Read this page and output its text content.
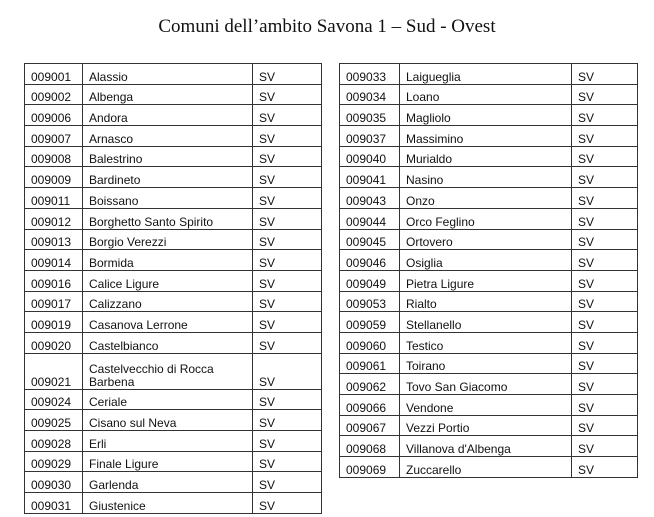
Comuni dell’ambito Savona 1 – Sud - Ovest
009001	Alassio	SV
009002	Albenga	SV
009006	Andora	SV
009007	Arnasco	SV
009008	Balestrino	SV
009009	Bardineto	SV
009011	Boissano	SV
009012	Borghetto Santo Spirito	SV
009013	Borgio Verezzi	SV
009014	Bormida	SV
009016	Calice Ligure	SV
009017	Calizzano	SV
009019	Casanova Lerrone	SV
009020	Castelbianco	SV
009021	Castelvecchio di Rocca Barbena	SV
009024	Ceriale	SV
009025	Cisano sul Neva	SV
009028	Erli	SV
009029	Finale Ligure	SV
009030	Garlenda	SV
009031	Giustenice	SV
009033	Laigueglia	SV
009034	Loano	SV
009035	Magliolo	SV
009037	Massimino	SV
009040	Murialdo	SV
009041	Nasino	SV
009043	Onzo	SV
009044	Orco Feglino	SV
009045	Ortovero	SV
009046	Osiglia	SV
009049	Pietra Ligure	SV
009053	Rialto	SV
009059	Stellanello	SV
009060	Testico	SV
009061	Toirano	SV
009062	Tovo San Giacomo	SV
009066	Vendone	SV
009067	Vezzi Portio	SV
009068	Villanova d'Albenga	SV
009069	Zuccarello	SV
